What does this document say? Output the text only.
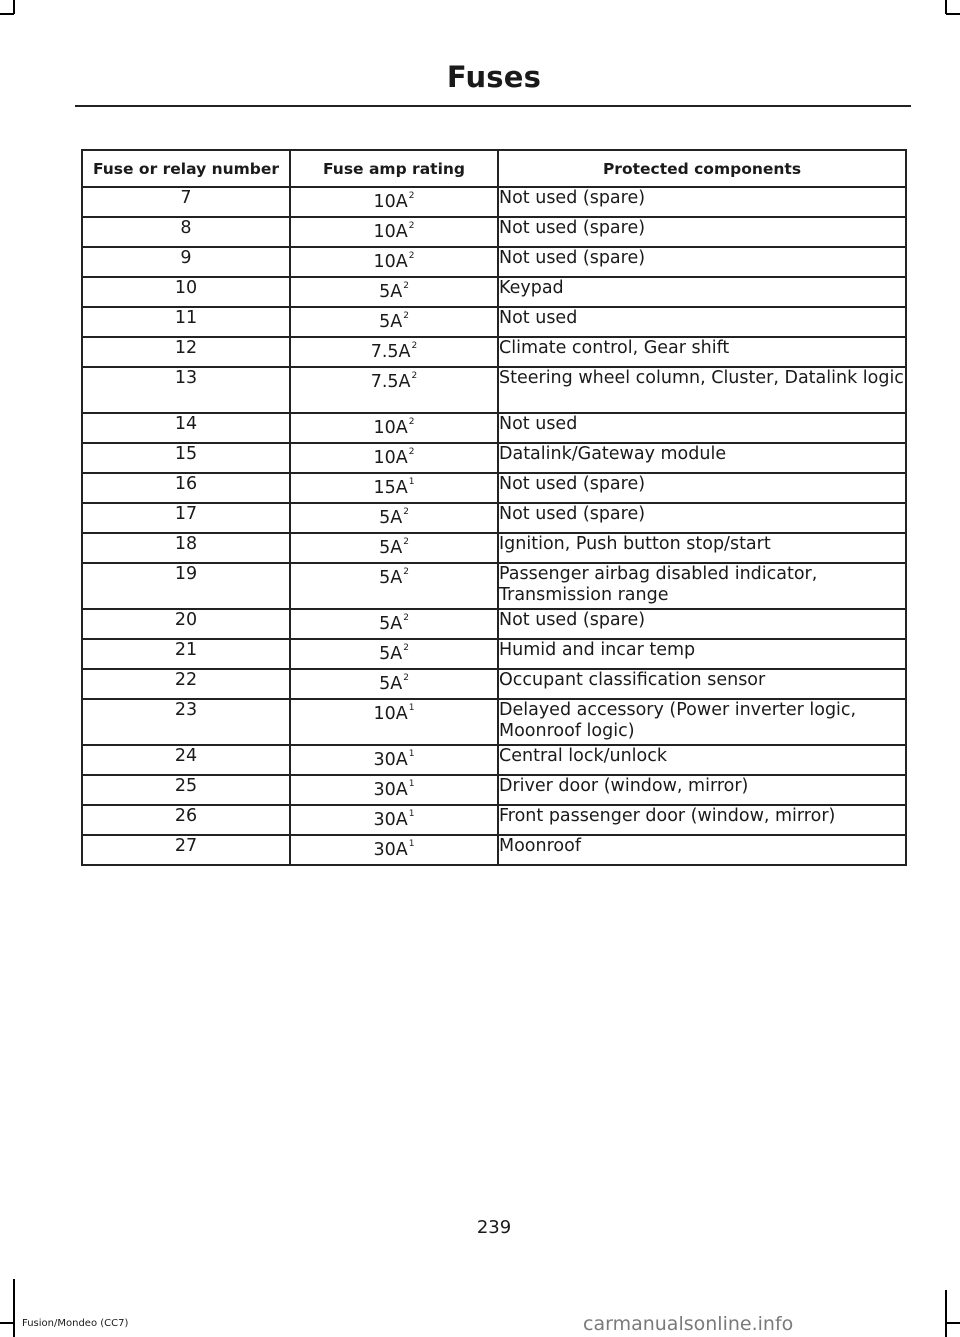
Fuses
Fuse or relay number	Fuse amp rating	Protected components
7	$10A^2$	Not used (spare)
8	$10A^2$	Not used (spare)
9	$10A^2$	Not used (spare)
10	$5A^2$	Keypad
11	$5A^2$	Not used
12	$7.5A^2$	Climate control, Gear shift
13	$7.5A^2$	Steering wheel column, Cluster, Datalink logic
14	$10A^2$	Not used
15	$10A^2$	Datalink/Gateway module
16	$15A^1$	Not used (spare)
17	$5A^2$	Not used (spare)
18	$5A^2$	Ignition, Push button stop/start
19	$5A^2$	Passenger airbag disabled indicator, Transmission range
20	$5A^2$	Not used (spare)
21	$5A^2$	Humid and incar temp
22	$5A^2$	Occupant classification sensor
23	$10A^1$	Delayed accessory (Power inverter logic, Moonroof logic)
24	$30A^1$	Central lock/unlock
25	$30A^1$	Driver door (window, mirror)
26	$30A^1$	Front passenger door (window, mirror)
27	$30A^1$	Moonroof
239
Fusion/Mondeo (CC7)	carmanualsonline.info
